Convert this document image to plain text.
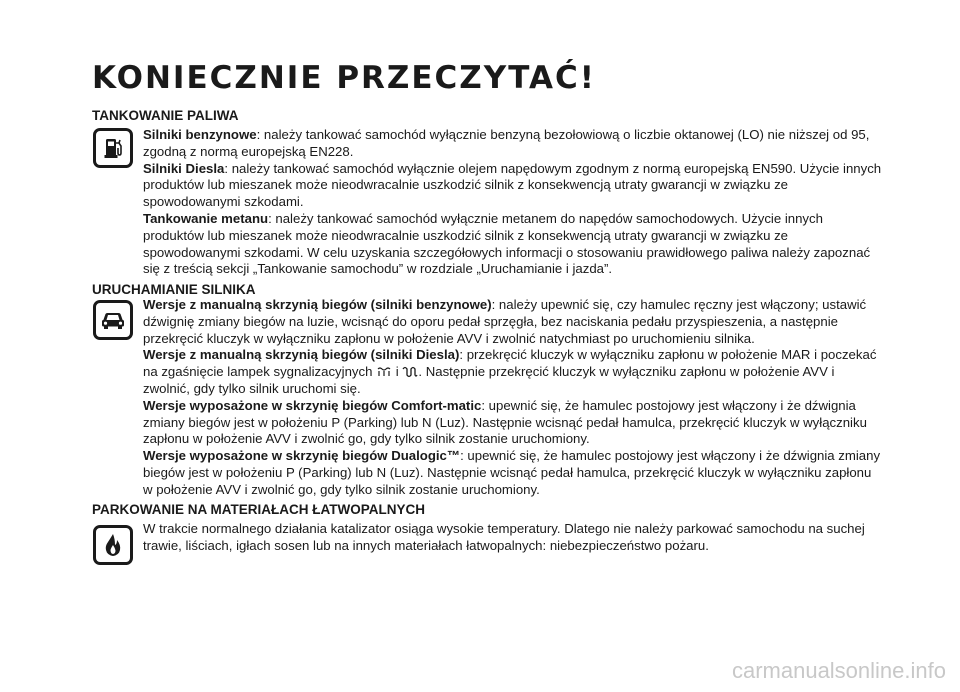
KONIECZNIE PRZECZYTAĆ!
TANKOWANIE PALIWA

Silniki benzynowe: należy tankować samochód wyłącznie benzyną bezołowiową o liczbie oktanowej (LO) nie niższej od 95, zgodną z normą europejską EN228.

Silniki Diesla: należy tankować samochód wyłącznie olejem napędowym zgodnym z normą europejską EN590. Użycie innych produktów lub mieszanek może nieodwracalnie uszkodzić silnik z konsekwencją utraty gwarancji w związku ze spowodowanymi szkodami.

Tankowanie metanu: należy tankować samochód wyłącznie metanem do napędów samochodowych. Użycie innych produktów lub mieszanek może nieodwracalnie uszkodzić silnik z konsekwencją utraty gwarancji w związku ze spowodowanymi szkodami. W celu uzyskania szczegółowych informacji o stosowaniu prawidłowego paliwa należy zapoznać się z treścią sekcji „Tankowanie samochodu” w rozdziale „Uruchamianie i jazda”.

URUCHAMIANIE SILNIKA

Wersje z manualną skrzynią biegów (silniki benzynowe): należy upewnić się, czy hamulec ręczny jest włączony; ustawić dźwignię zmiany biegów na luzie, wcisnąć do oporu pedał sprzęgła, bez naciskania pedału przyspieszenia, a następnie przekręcić kluczyk w wyłączniku zapłonu w położenie AVV i zwolnić natychmiast po uruchomieniu silnika.

Wersje z manualną skrzynią biegów (silniki Diesla): przekręcić kluczyk w wyłączniku zapłonu w położenie MAR i poczekać na zgaśnięcie lampek sygnalizacyjnych i . Następnie przekręcić kluczyk w wyłączniku zapłonu w położenie AVV i zwolnić, gdy tylko silnik uruchomi się.

Wersje wyposażone w skrzynię biegów Comfort-matic: upewnić się, że hamulec postojowy jest włączony i że dźwignia zmiany biegów jest w położeniu P (Parking) lub N (Luz). Następnie wcisnąć pedał hamulca, przekręcić kluczyk w wyłączniku zapłonu w położenie AVV i zwolnić go, gdy tylko silnik zostanie uruchomiony.

Wersje wyposażone w skrzynię biegów Dualogic™: upewnić się, że hamulec postojowy jest włączony i że dźwignia zmiany biegów jest w położeniu P (Parking) lub N (Luz). Następnie wcisnąć pedał hamulca, przekręcić kluczyk w wyłączniku zapłonu w położenie AVV i zwolnić go, gdy tylko silnik zostanie uruchomiony.

PARKOWANIE NA MATERIAŁACH ŁATWOPALNYCH

W trakcie normalnego działania katalizator osiąga wysokie temperatury. Dlatego nie należy parkować samochodu na suchej trawie, liściach, igłach sosen lub na innych materiałach łatwopalnych: niebezpieczeństwo pożaru.

carmanualsonline.info
